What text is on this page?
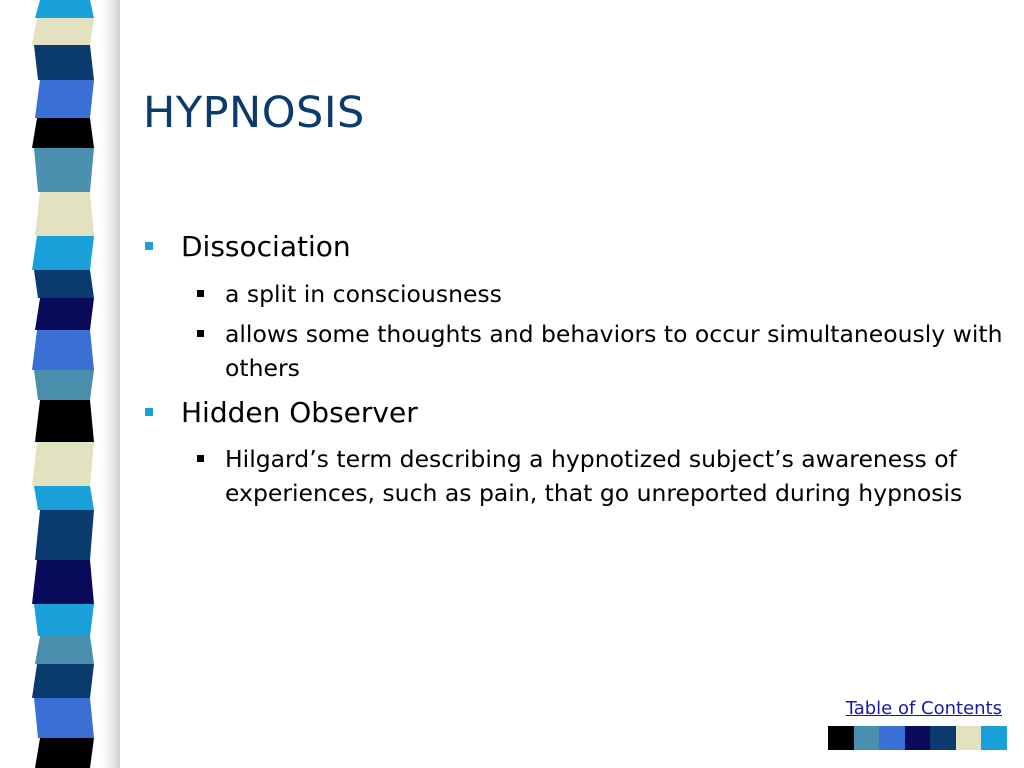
HYPNOSIS
Dissociation
a split in consciousness
allows some thoughts and behaviors to occur simultaneously with others
Hidden Observer
Hilgard’s term describing a hypnotized subject’s awareness of experiences, such as pain, that go unreported during hypnosis
Table of Contents
